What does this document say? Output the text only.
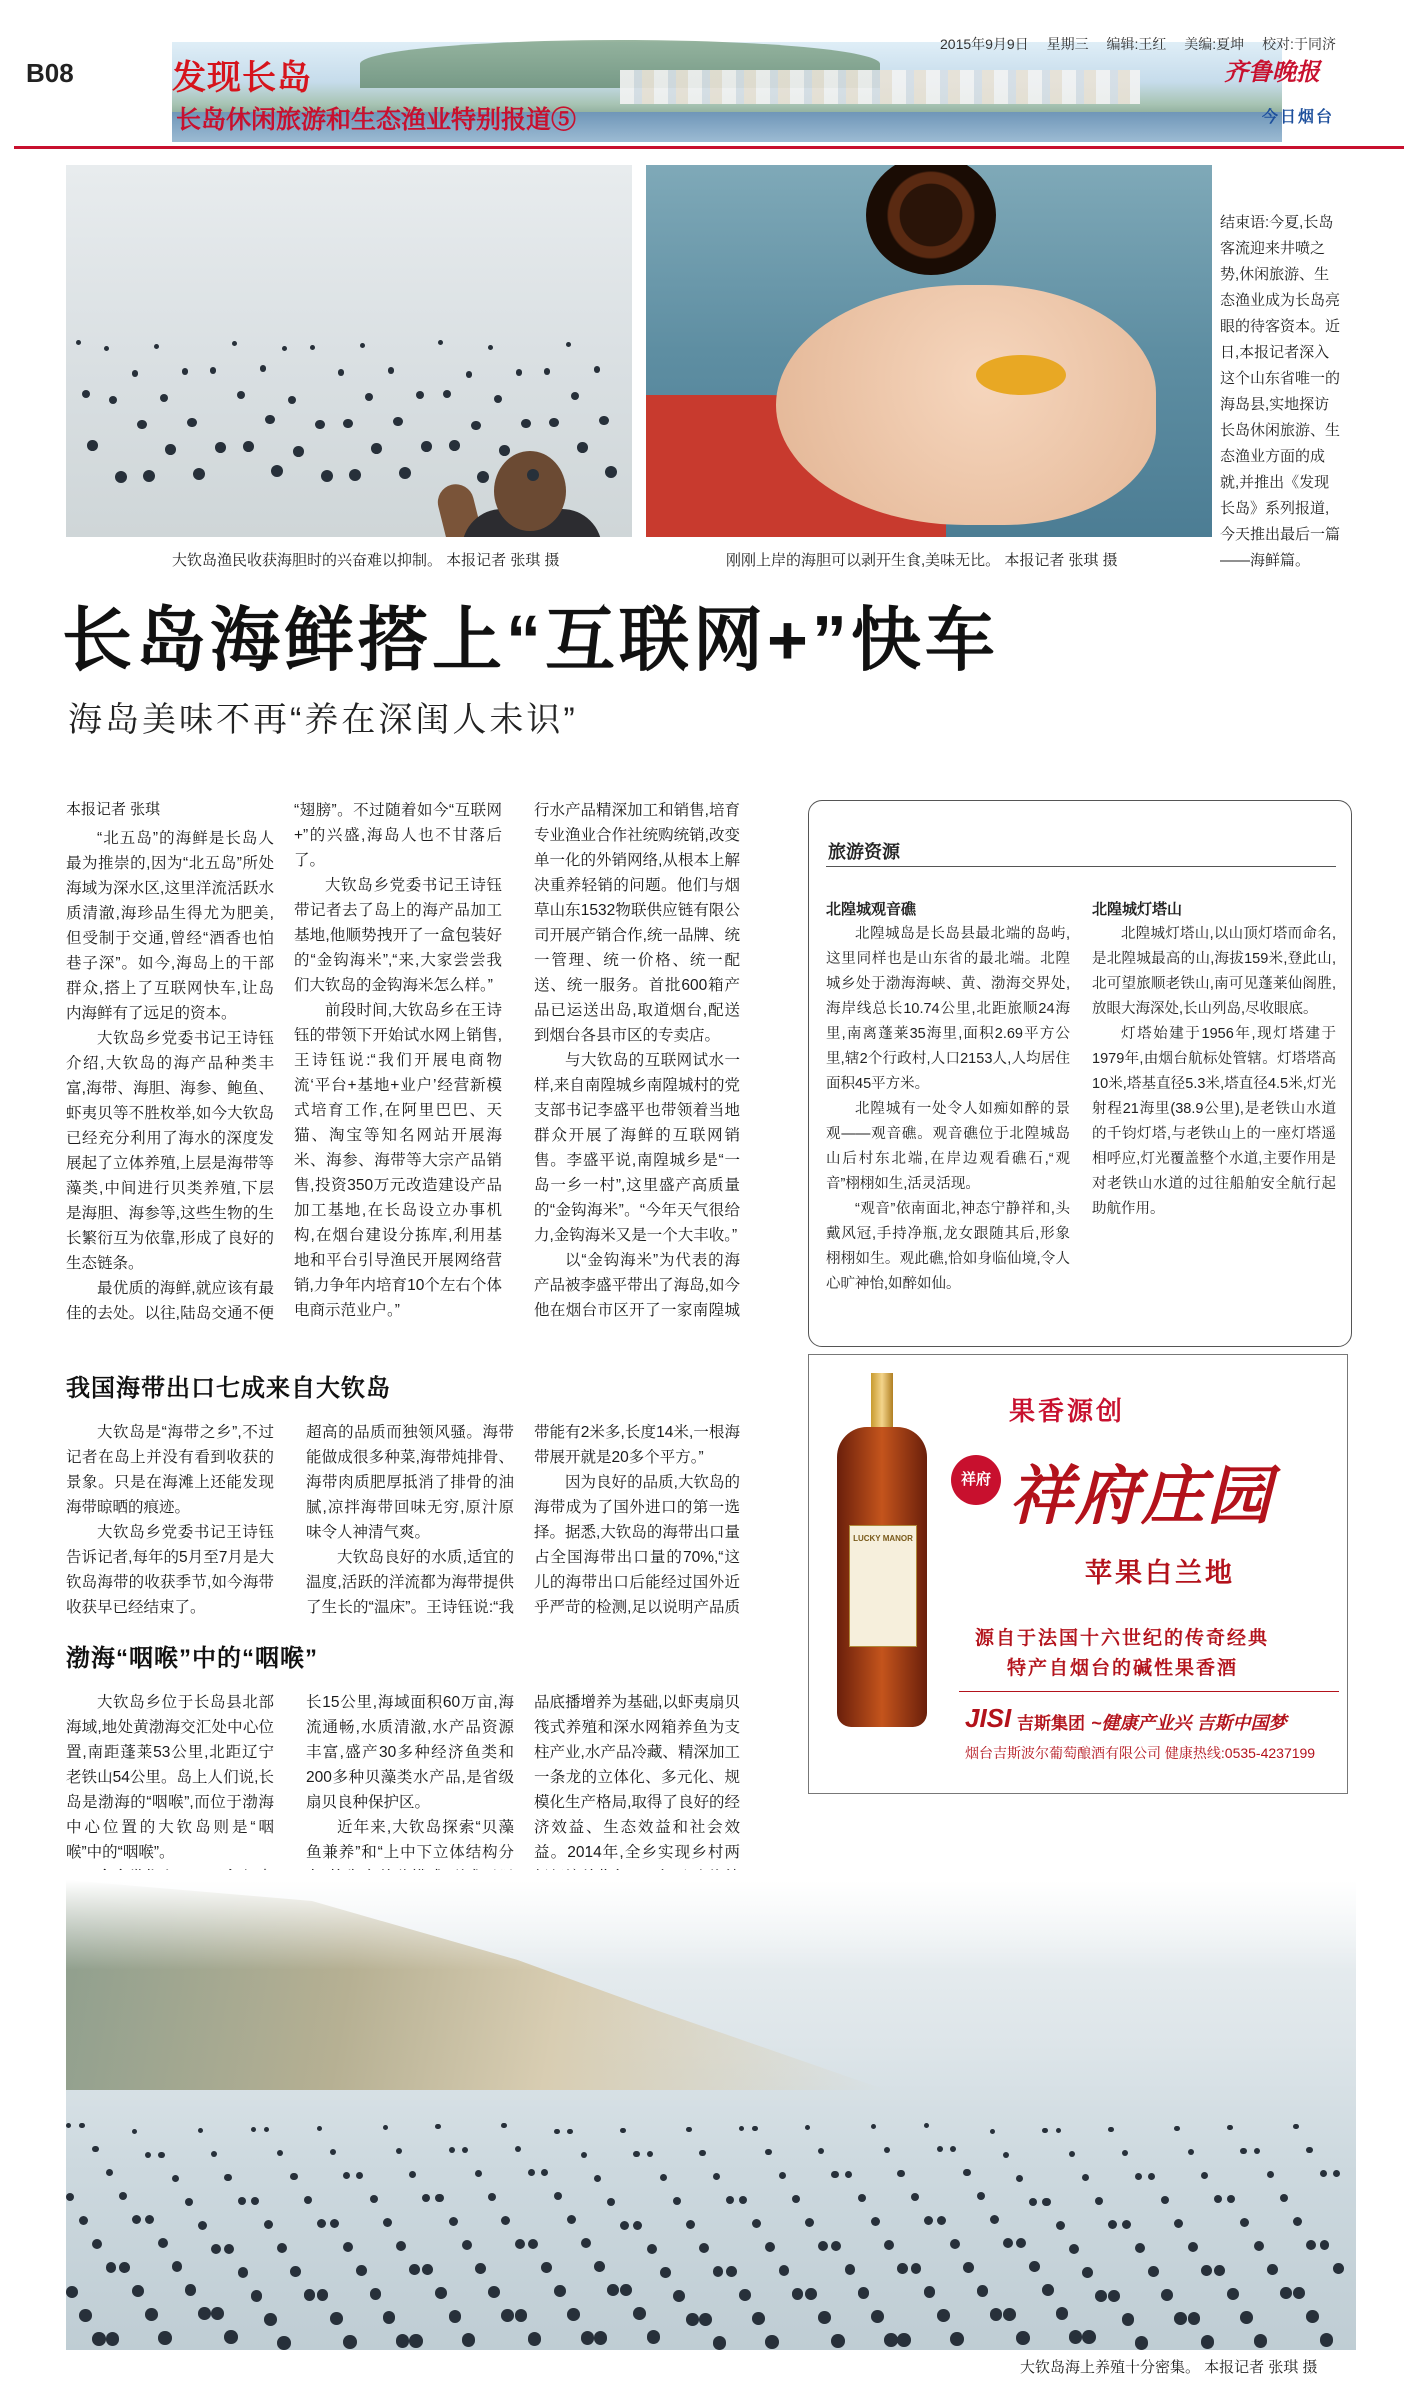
B08	发现长岛
长岛休闲旅游和生态渔业特别报道⑤
2015年9月9日 星期三 编辑:王红 美编:夏坤 校对:于同济
齐鲁晚报
今日烟台
大钦岛渔民收获海胆时的兴奋难以抑制。 本报记者 张琪 摄	刚刚上岸的海胆可以剥开生食,美味无比。 本报记者 张琪 摄
结束语:今夏,长岛客流迎来井喷之势,休闲旅游、生态渔业成为长岛亮眼的待客资本。近日,本报记者深入这个山东省唯一的海岛县,实地探访长岛休闲旅游、生态渔业方面的成就,并推出《发现长岛》系列报道,今天推出最后一篇——海鲜篇。
长岛海鲜搭上“互联网+”快车
海岛美味不再“养在深闺人未识”
本报记者 张琪

“北五岛”的海鲜是长岛人最为推崇的,因为“北五岛”所处海域为深水区,这里洋流活跃水质清澈,海珍品生得尤为肥美,但受制于交通,曾经“酒香也怕巷子深”。如今,海岛上的干部群众,搭上了互联网快车,让岛内海鲜有了远足的资本。

大钦岛乡党委书记王诗钰介绍,大钦岛的海产品种类丰富,海带、海胆、海参、鲍鱼、虾夷贝等不胜枚举,如今大钦岛已经充分利用了海水的深度发展起了立体养殖,上层是海带等藻类,中间进行贝类养殖,下层是海胆、海参等,这些生物的生长繁衍互为依靠,形成了良好的生态链条。

最优质的海鲜,就应该有最佳的去处。以往,陆岛交通不便

“翅膀”。不过随着如今“互联网+”的兴盛,海岛人也不甘落后了。

大钦岛乡党委书记王诗钰带记者去了岛上的海产品加工基地,他顺势拽开了一盒包装好的“金钩海米”,“来,大家尝尝我们大钦岛的金钩海米怎么样。”

前段时间,大钦岛乡在王诗钰的带领下开始试水网上销售,王诗钰说:“我们开展电商物流‘平台+基地+业户’经营新模式培育工作,在阿里巴巴、天猫、淘宝等知名网站开展海米、海参、海带等大宗产品销售,投资350万元改造建设产品加工基地,在长岛设立办事机构,在烟台建设分拣库,利用基地和平台引导渔民开展网络营销,力争年内培育10个左右个体电商示范业户。”

行水产品精深加工和销售,培育专业渔业合作社统购统销,改变单一化的外销网络,从根本上解决重养轻销的问题。他们与烟草山东1532物联供应链有限公司开展产销合作,统一品牌、统一管理、统一价格、统一配送、统一服务。首批600箱产品已运送出岛,取道烟台,配送到烟台各县市区的专卖店。

与大钦岛的互联网试水一样,来自南隍城乡南隍城村的党支部书记李盛平也带领着当地群众开展了海鲜的互联网销售。李盛平说,南隍城乡是“一岛一乡一村”,这里盛产高质量的“金钩海米”。“今年天气很给力,金钩海米又是一个大丰收。”

以“金钩海米”为代表的海产品被李盛平带出了海岛,如今他在烟台市区开了一家南隍城

旅游资源
北隍城观音礁

北隍城岛是长岛县最北端的岛屿,这里同样也是山东省的最北端。北隍城乡处于渤海海峡、黄、渤海交界处,海岸线总长10.74公里,北距旅顺24海里,南离蓬莱35海里,面积2.69平方公里,辖2个行政村,人口2153人,人均居住面积45平方米。

北隍城有一处令人如痴如醉的景观——观音礁。观音礁位于北隍城岛山后村东北端,在岸边观看礁石,“观音”栩栩如生,活灵活现。

“观音”依南面北,神态宁静祥和,头戴风冠,手持净瓶,龙女跟随其后,形象栩栩如生。观此礁,恰如身临仙境,令人心旷神怡,如醉如仙。

北隍城灯塔山

北隍城灯塔山,以山顶灯塔而命名,是北隍城最高的山,海拔159米,登此山,北可望旅顺老铁山,南可见蓬莱仙阁胜,放眼大海深处,长山列岛,尽收眼底。

灯塔始建于1956年,现灯塔建于1979年,由烟台航标处管辖。灯塔塔高10米,塔基直径5.3米,塔直径4.5米,灯光射程21海里(38.9公里),是老铁山水道的千钧灯塔,与老铁山上的一座灯塔遥相呼应,灯光覆盖整个水道,主要作用是对老铁山水道的过往船舶安全航行起助航作用。

LUCKY MANOR
果香源创
祥府 祥府庄园
苹果白兰地
源自于法国十六世纪的传奇经典
特产自烟台的碱性果香酒
JISI 吉斯集团 ~健康产业兴 吉斯中国梦
烟台吉斯波尔葡萄酿酒有限公司 健康热线:0535-4237199
我国海带出口七成来自大钦岛

大钦岛是“海带之乡”,不过记者在岛上并没有看到收获的景象。只是在海滩上还能发现海带晾晒的痕迹。

大钦岛乡党委书记王诗钰告诉记者,每年的5月至7月是大钦岛海带的收获季节,如今海带收获早已经结束了。

超高的品质而独领风骚。海带能做成很多种菜,海带炖排骨、海带肉质肥厚抵消了排骨的油腻,凉拌海带回味无穷,原汁原味令人神清气爽。

大钦岛良好的水质,适宜的温度,活跃的洋流都为海带提供了生长的“温床”。王诗钰说:“我

带能有2米多,长度14米,一根海带展开就是20多个平方。”

因为良好的品质,大钦岛的海带成为了国外进口的第一选择。据悉,大钦岛的海带出口量占全国海带出口量的70%,“这儿的海带出口后能经过国外近乎严苛的检测,足以说明产品质

渤海“咽喉”中的“咽喉”

大钦岛乡位于长岛县北部海域,地处黄渤海交汇处中心位置,南距蓬莱53公里,北距辽宁老铁山54公里。岛上人们说,长岛是渤海的“咽喉”,而位于渤海中心位置的大钦岛则是“咽喉”中的“咽喉”。

长15公里,海域面积60万亩,海流通畅,水质清澈,水产品资源丰富,盛产30多种经济鱼类和200多种贝藻类水产品,是省级扇贝良种保护区。

近年来,大钦岛探索“贝藻鱼兼养”和“上中下立体结构分

品底播增养为基础,以虾夷扇贝筏式养殖和深水网箱养鱼为支柱产业,水产品冷藏、精深加工一条龙的立体化、多元化、规模化生产格局,取得了良好的经济效益、生态效益和社会效益。2014年,全乡实现乡村两

大钦岛海上养殖十分密集。 本报记者 张琪 摄
